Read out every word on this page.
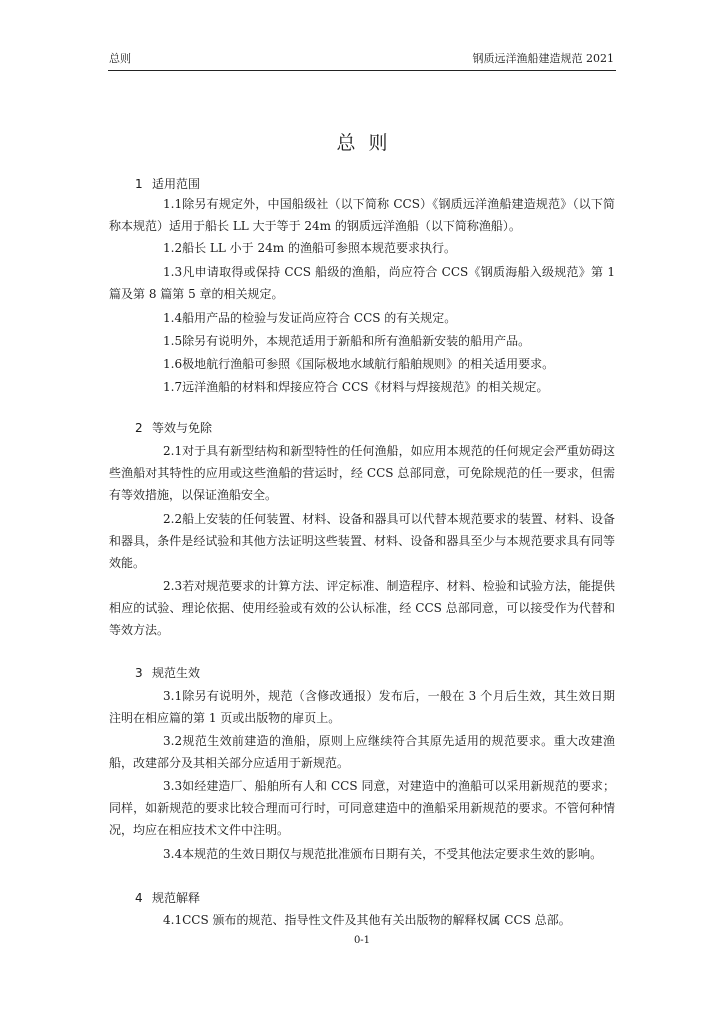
总则	钢质远洋渔船建造规范 2021
总则
1 适用范围
1.1除另有规定外，中国船级社（以下简称 CCS）《钢质远洋渔船建造规范》（以下简称本规范）适用于船长 LL 大于等于 24m 的钢质远洋渔船（以下简称渔船）。
1.2船长 LL 小于 24m 的渔船可参照本规范要求执行。
1.3凡申请取得或保持 CCS 船级的渔船，尚应符合 CCS《钢质海船入级规范》第 1 篇及第 8 篇第 5 章的相关规定。
1.4船用产品的检验与发证尚应符合 CCS 的有关规定。
1.5除另有说明外，本规范适用于新船和所有渔船新安装的船用产品。
1.6极地航行渔船可参照《国际极地水域航行船舶规则》的相关适用要求。
1.7远洋渔船的材料和焊接应符合 CCS《材料与焊接规范》的相关规定。
2 等效与免除
2.1对于具有新型结构和新型特性的任何渔船，如应用本规范的任何规定会严重妨碍这些渔船对其特性的应用或这些渔船的营运时，经 CCS 总部同意，可免除规范的任一要求，但需有等效措施，以保证渔船安全。
2.2船上安装的任何装置、材料、设备和器具可以代替本规范要求的装置、材料、设备和器具，条件是经试验和其他方法证明这些装置、材料、设备和器具至少与本规范要求具有同等效能。
2.3若对规范要求的计算方法、评定标准、制造程序、材料、检验和试验方法，能提供相应的试验、理论依据、使用经验或有效的公认标准，经 CCS 总部同意，可以接受作为代替和等效方法。
3 规范生效
3.1除另有说明外，规范（含修改通报）发布后，一般在 3 个月后生效，其生效日期注明在相应篇的第 1 页或出版物的扉页上。
3.2规范生效前建造的渔船，原则上应继续符合其原先适用的规范要求。重大改建渔船，改建部分及其相关部分应适用于新规范。
3.3如经建造厂、船舶所有人和 CCS 同意，对建造中的渔船可以采用新规范的要求；同样，如新规范的要求比较合理而可行时，可同意建造中的渔船采用新规范的要求。不管何种情况，均应在相应技术文件中注明。
3.4本规范的生效日期仅与规范批准颁布日期有关，不受其他法定要求生效的影响。
4 规范解释
4.1CCS 颁布的规范、指导性文件及其他有关出版物的解释权属 CCS 总部。
0-1
